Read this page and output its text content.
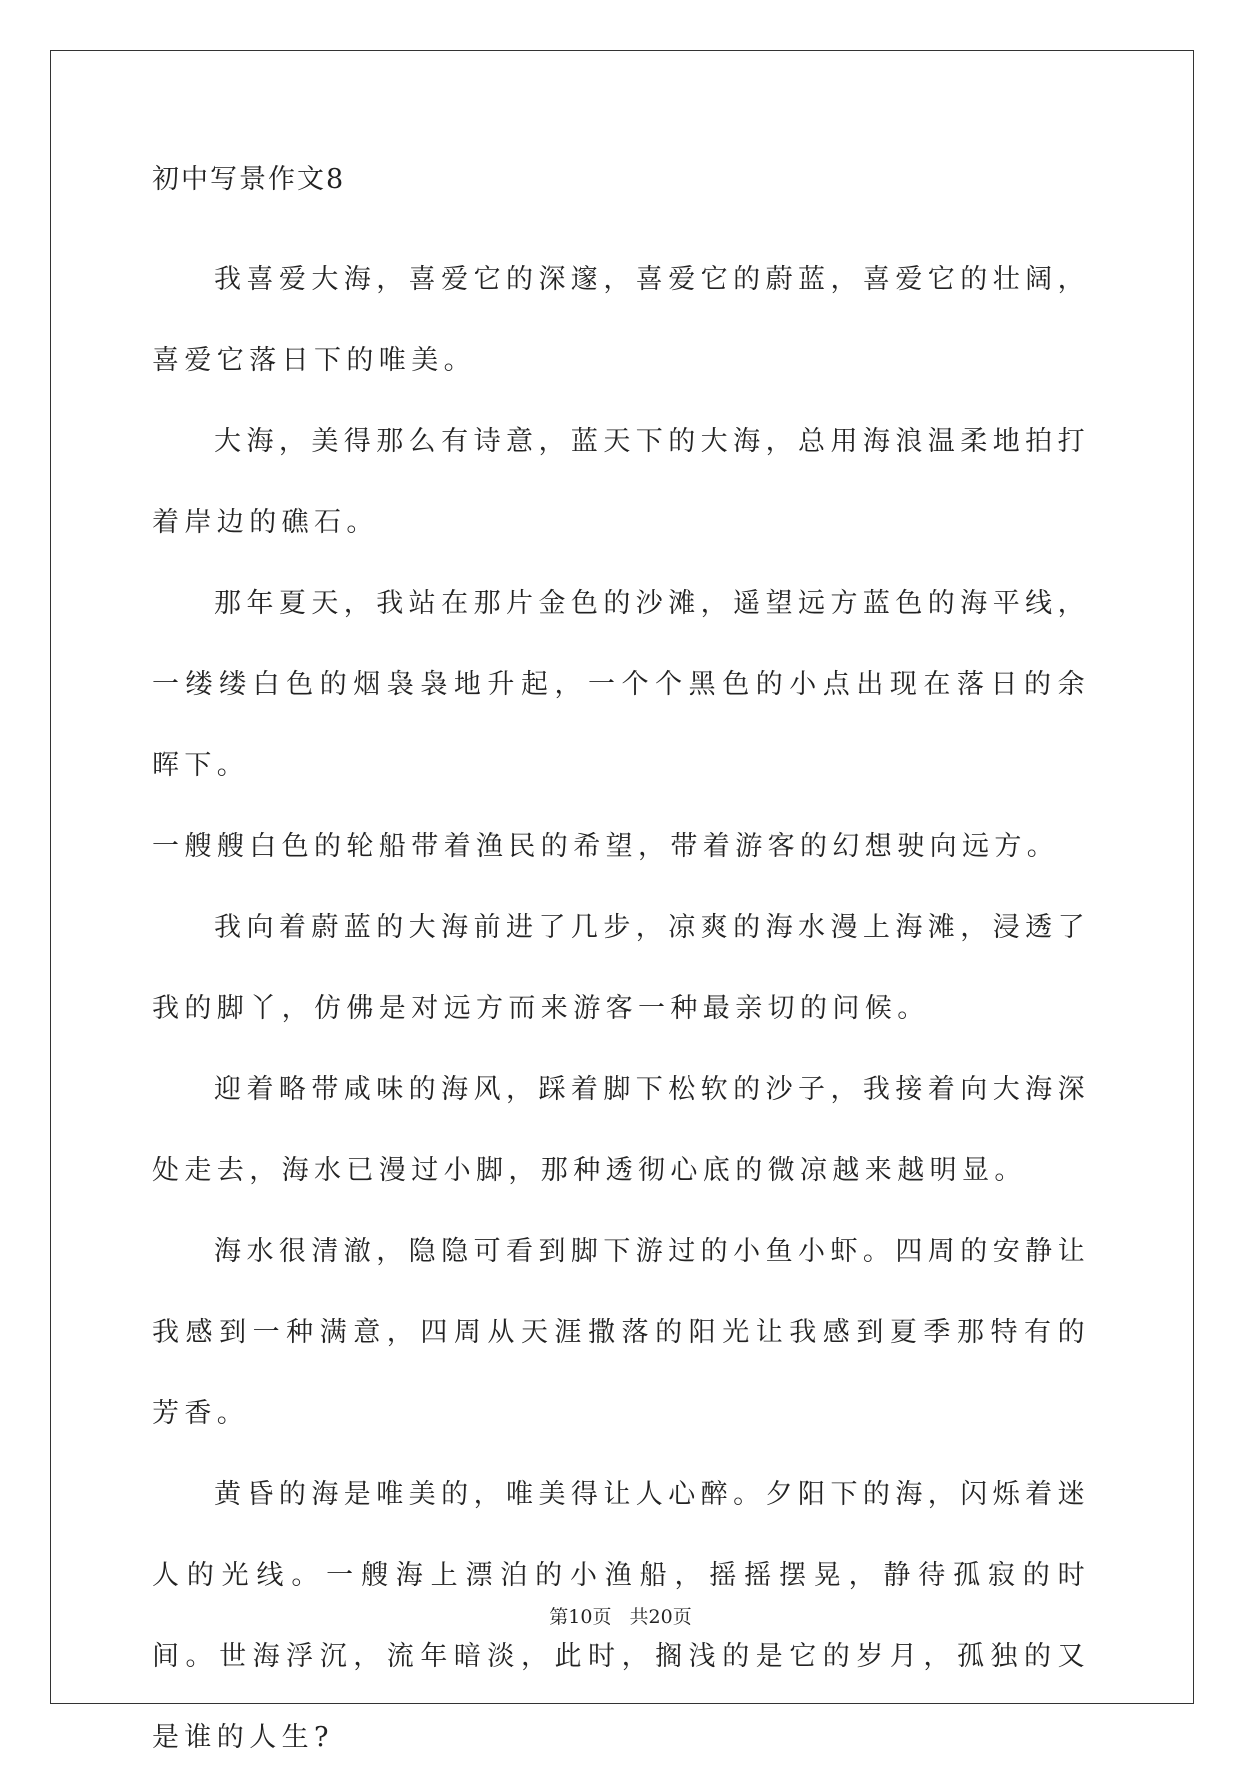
初中写景作文8

我喜爱大海，喜爱它的深邃，喜爱它的蔚蓝，喜爱它的壮阔，喜爱它落日下的唯美。

大海，美得那么有诗意，蓝天下的大海，总用海浪温柔地拍打着岸边的礁石。

那年夏天，我站在那片金色的沙滩，遥望远方蓝色的海平线，一缕缕白色的烟袅袅地升起，一个个黑色的小点出现在落日的余晖下。

一艘艘白色的轮船带着渔民的希望，带着游客的幻想驶向远方。

我向着蔚蓝的大海前进了几步，凉爽的海水漫上海滩，浸透了我的脚丫，仿佛是对远方而来游客一种最亲切的问候。

迎着略带咸味的海风，踩着脚下松软的沙子，我接着向大海深处走去，海水已漫过小脚，那种透彻心底的微凉越来越明显。

海水很清澈，隐隐可看到脚下游过的小鱼小虾。四周的安静让我感到一种满意，四周从天涯撒落的阳光让我感到夏季那特有的芳香。

黄昏的海是唯美的，唯美得让人心醉。夕阳下的海，闪烁着迷人的光线。一艘海上漂泊的小渔船，摇摇摆晃，静待孤寂的时间。世海浮沉，流年暗淡，此时，搁浅的是它的岁月，孤独的又是谁的人生?

第10页 共20页
